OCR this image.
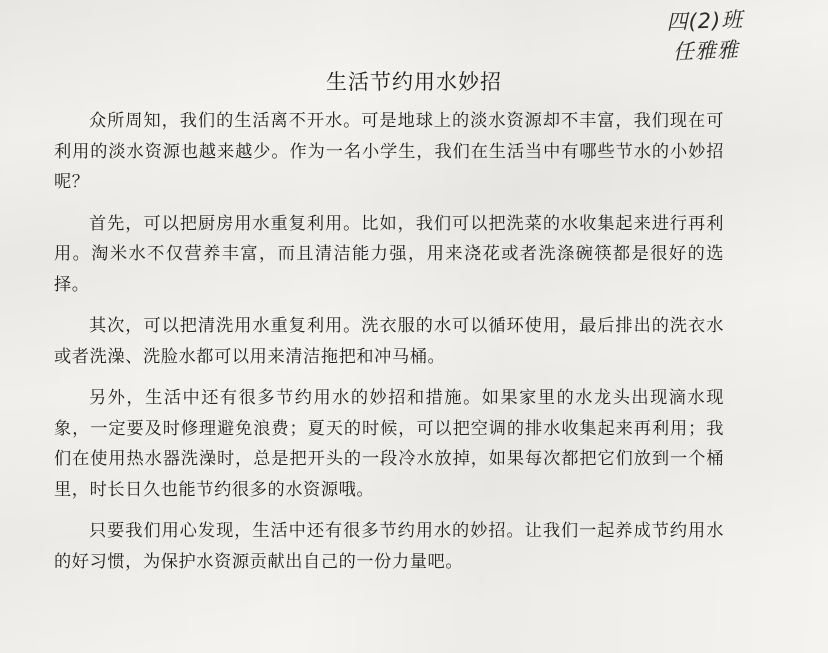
四(2)班
任雅雅
生活节约用水妙招

众所周知，我们的生活离不开水。可是地球上的淡水资源却不丰富，我们现在可利用的淡水资源也越来越少。作为一名小学生，我们在生活当中有哪些节水的小妙招呢？

首先，可以把厨房用水重复利用。比如，我们可以把洗菜的水收集起来进行再利用。淘米水不仅营养丰富，而且清洁能力强，用来浇花或者洗涤碗筷都是很好的选择。

其次，可以把清洗用水重复利用。洗衣服的水可以循环使用，最后排出的洗衣水或者洗澡、洗脸水都可以用来清洁拖把和冲马桶。

另外，生活中还有很多节约用水的妙招和措施。如果家里的水龙头出现滴水现象，一定要及时修理避免浪费；夏天的时候，可以把空调的排水收集起来再利用；我们在使用热水器洗澡时，总是把开头的一段冷水放掉，如果每次都把它们放到一个桶里，时长日久也能节约很多的水资源哦。

只要我们用心发现，生活中还有很多节约用水的妙招。让我们一起养成节约用水的好习惯，为保护水资源贡献出自己的一份力量吧。
